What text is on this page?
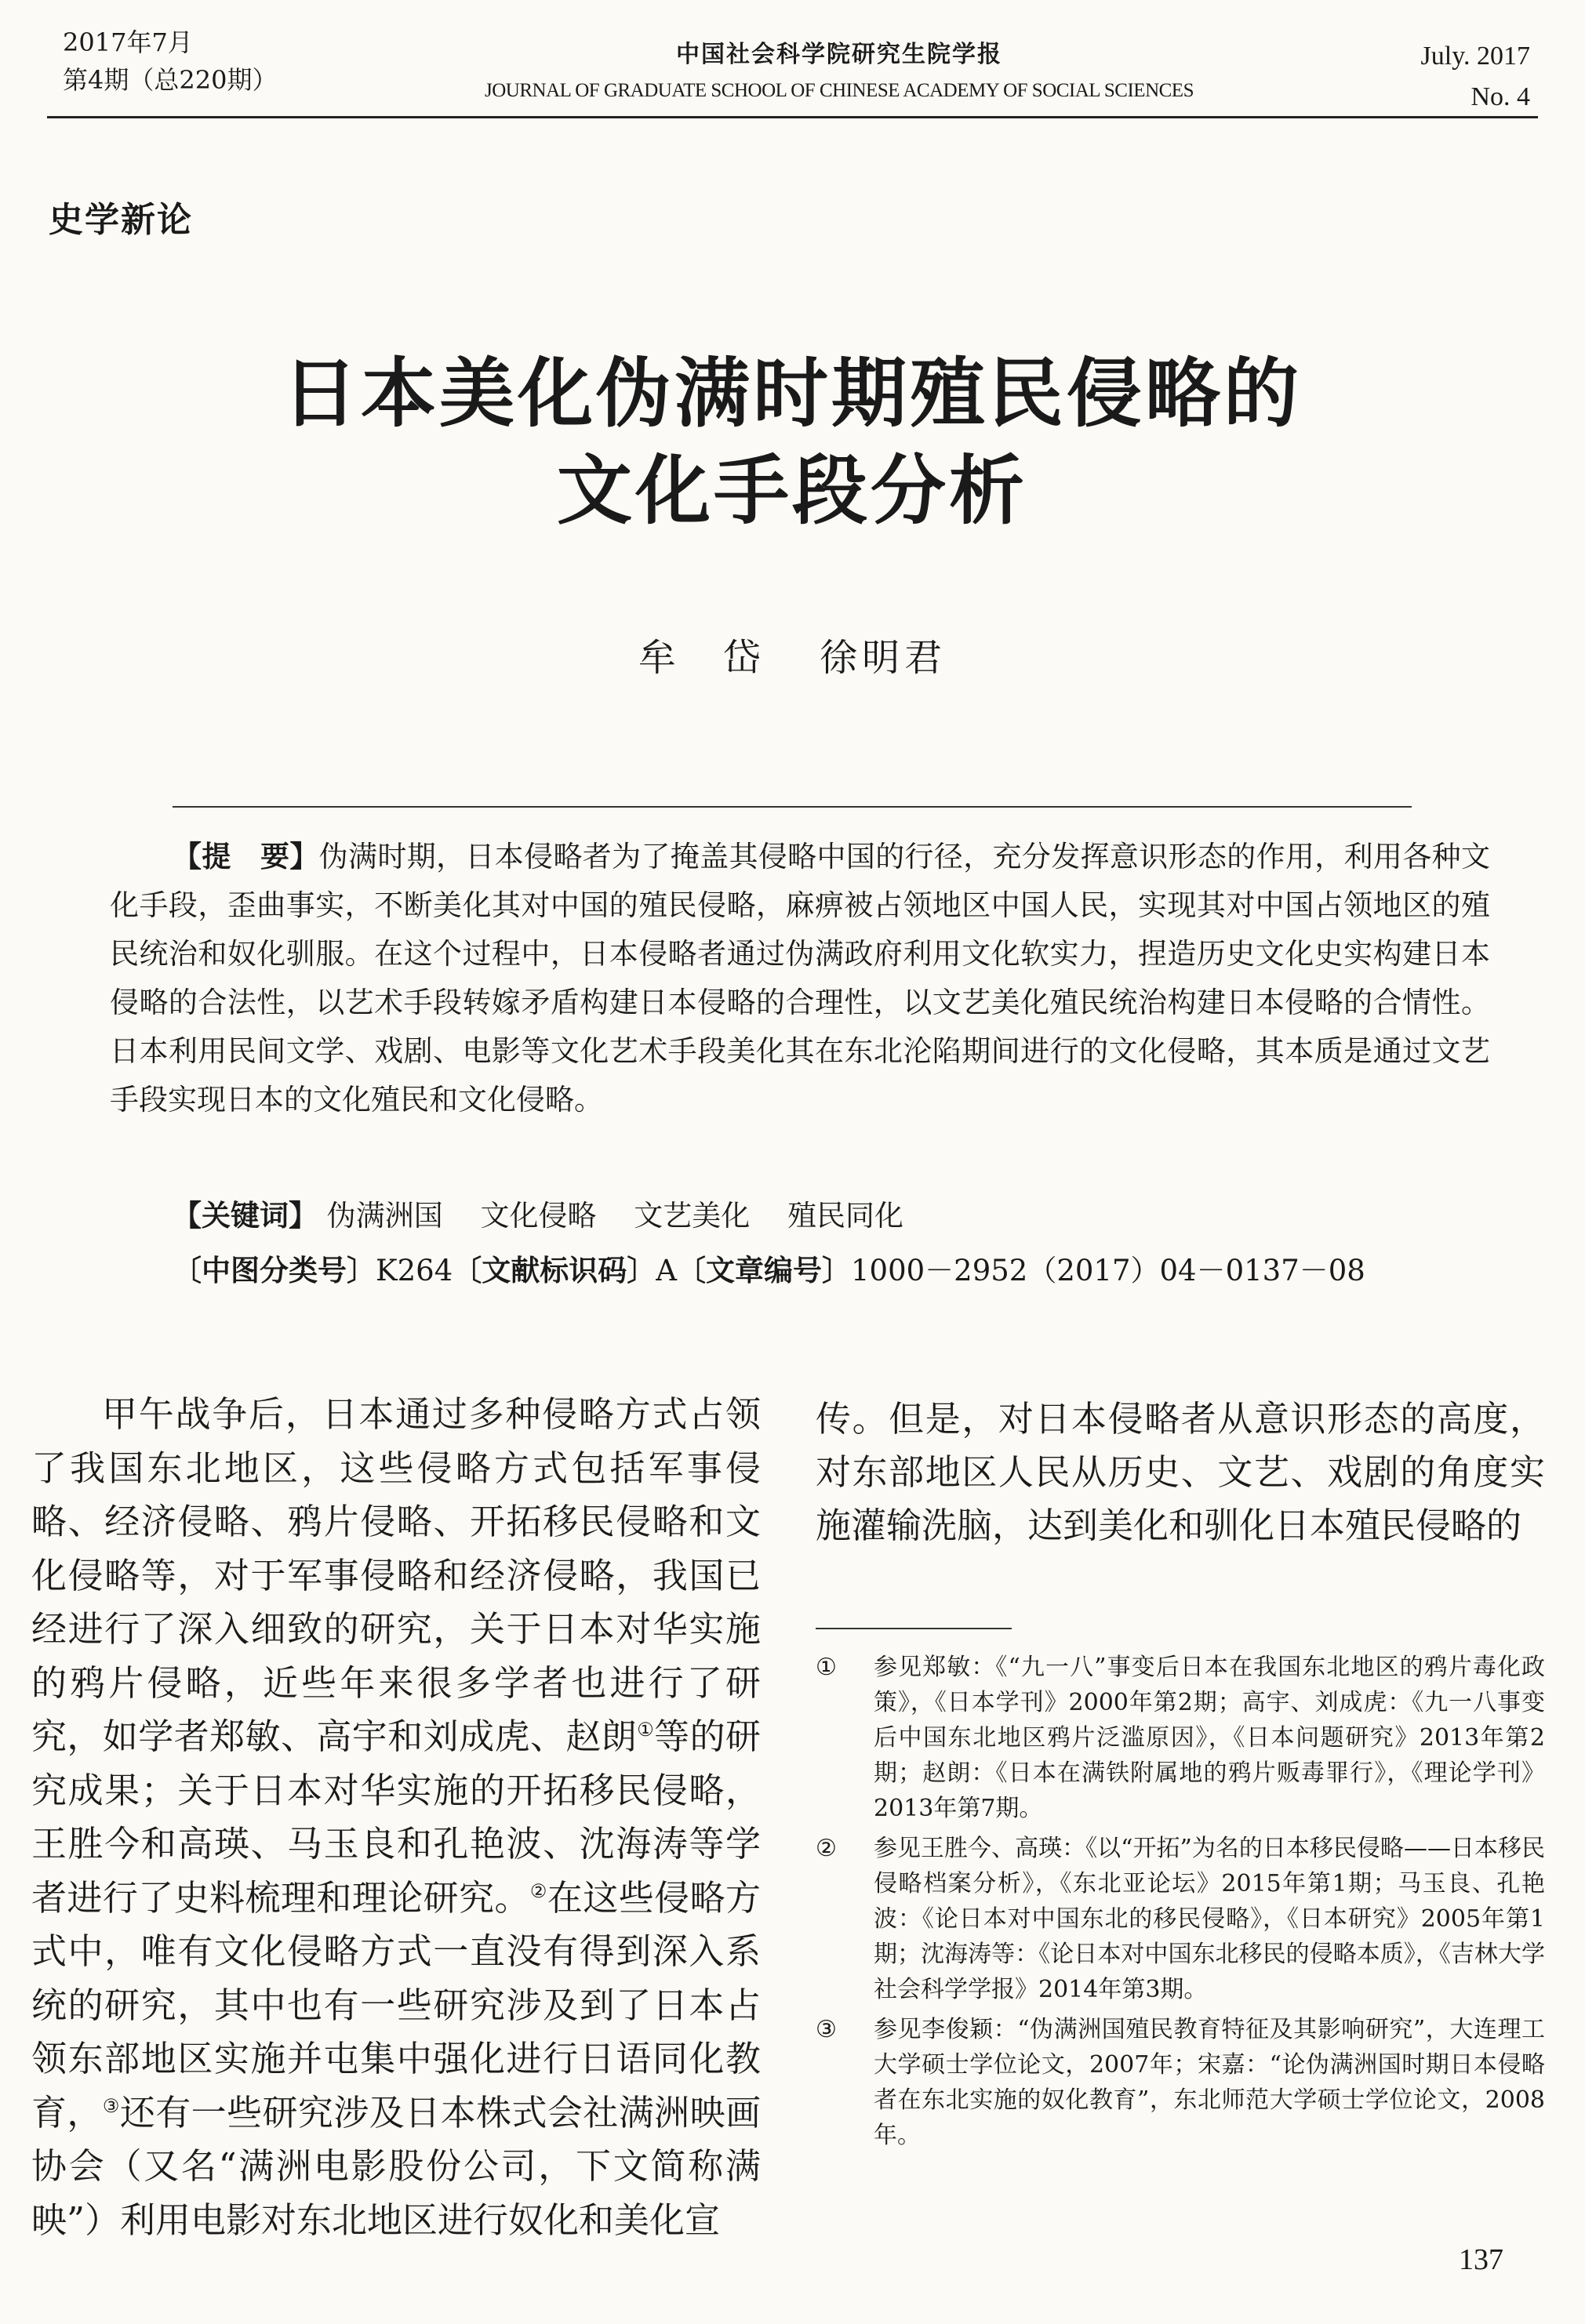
2017年7月
第4期（总220期）
中国社会科学院研究生院学报
JOURNAL OF GRADUATE SCHOOL OF CHINESE ACADEMY OF SOCIAL SCIENCES
July. 2017
No. 4
史学新论
日本美化伪满时期殖民侵略的
文化手段分析
牟　岱 徐明君

【提　要】伪满时期，日本侵略者为了掩盖其侵略中国的行径，充分发挥意识形态的作用，利用各种文化手段，歪曲事实，不断美化其对中国的殖民侵略，麻痹被占领地区中国人民，实现其对中国占领地区的殖民统治和奴化驯服。在这个过程中，日本侵略者通过伪满政府利用文化软实力，捏造历史文化史实构建日本侵略的合法性，以艺术手段转嫁矛盾构建日本侵略的合理性，以文艺美化殖民统治构建日本侵略的合情性。日本利用民间文学、戏剧、电影等文化艺术手段美化其在东北沦陷期间进行的文化侵略，其本质是通过文艺手段实现日本的文化殖民和文化侵略。

【关键词】 伪满洲国 文化侵略 文艺美化 殖民同化
〔中图分类号〕K264〔文献标识码〕A〔文章编号〕1000－2952（2017）04－0137－08

甲午战争后，日本通过多种侵略方式占领了我国东北地区，这些侵略方式包括军事侵略、经济侵略、鸦片侵略、开拓移民侵略和文化侵略等，对于军事侵略和经济侵略，我国已经进行了深入细致的研究，关于日本对华实施的鸦片侵略，近些年来很多学者也进行了研究，如学者郑敏、高宇和刘成虎、赵朗①等的研究成果；关于日本对华实施的开拓移民侵略，王胜今和高瑛、马玉良和孔艳波、沈海涛等学者进行了史料梳理和理论研究。②在这些侵略方式中，唯有文化侵略方式一直没有得到深入系统的研究，其中也有一些研究涉及到了日本占领东部地区实施并屯集中强化进行日语同化教育，③还有一些研究涉及日本株式会社满洲映画协会（又名“满洲电影股份公司，下文简称满映”）利用电影对东北地区进行奴化和美化宣

传。但是，对日本侵略者从意识形态的高度，对东部地区人民从历史、文艺、戏剧的角度实施灌输洗脑，达到美化和驯化日本殖民侵略的

① 参见郑敏：《“九一八”事变后日本在我国东北地区的鸦片毒化政策》，《日本学刊》2000年第2期；高宇、刘成虎：《九一八事变后中国东北地区鸦片泛滥原因》，《日本问题研究》2013年第2期；赵朗：《日本在满铁附属地的鸦片贩毒罪行》，《理论学刊》2013年第7期。
② 参见王胜今、高瑛：《以“开拓”为名的日本移民侵略——日本移民侵略档案分析》，《东北亚论坛》2015年第1期；马玉良、孔艳波：《论日本对中国东北的移民侵略》，《日本研究》2005年第1期；沈海涛等：《论日本对中国东北移民的侵略本质》，《吉林大学社会科学学报》2014年第3期。
③ 参见李俊颖：“伪满洲国殖民教育特征及其影响研究”，大连理工大学硕士学位论文，2007年；宋嘉：“论伪满洲国时期日本侵略者在东北实施的奴化教育”，东北师范大学硕士学位论文，2008年。
137
